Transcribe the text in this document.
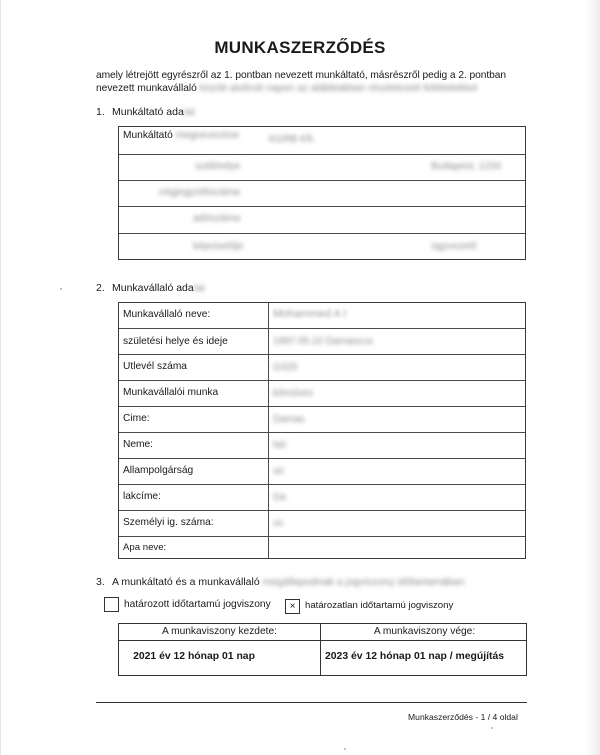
MUNKASZERZŐDÉS
amely létrejött egyrészről az 1. pontban nevezett munkáltató, másrészről pedig a 2. pontban
nevezett munkavállaló között alulírott napon az alábbiakban részletezett feltételekkel
1. Munkáltató adatai
Munkáltató megnevezése	KGRB Kft.
székhelye	Budapest, 1234
cégjegyzékszáma
adószáma
képviselője	ügyvezető
2. Munkavállaló adatai
Munkavállaló neve:	Mohammed A I
születési helye és ideje	1997.05.10 Damascus
Utlevél száma	G325
Munkavállalói munka	kőműves
Cime:	Damas
Neme:	Nő
Allampolgárság	sír
lakcíme:	Da
Személyi ig. száma:	xx
Apa neve:
3. A munkáltató és a munkavállaló megállapodnak a jogviszony időtartamában
határozott időtartamú jogviszony	× határozatlan időtartamú jogviszony
A munkaviszony kezdete:	A munkaviszony vége:
2021 év 12 hónap 01 nap	2023 év 12 hónap 01 nap / megújítás
Munkaszerződés - 1 / 4 oldal
